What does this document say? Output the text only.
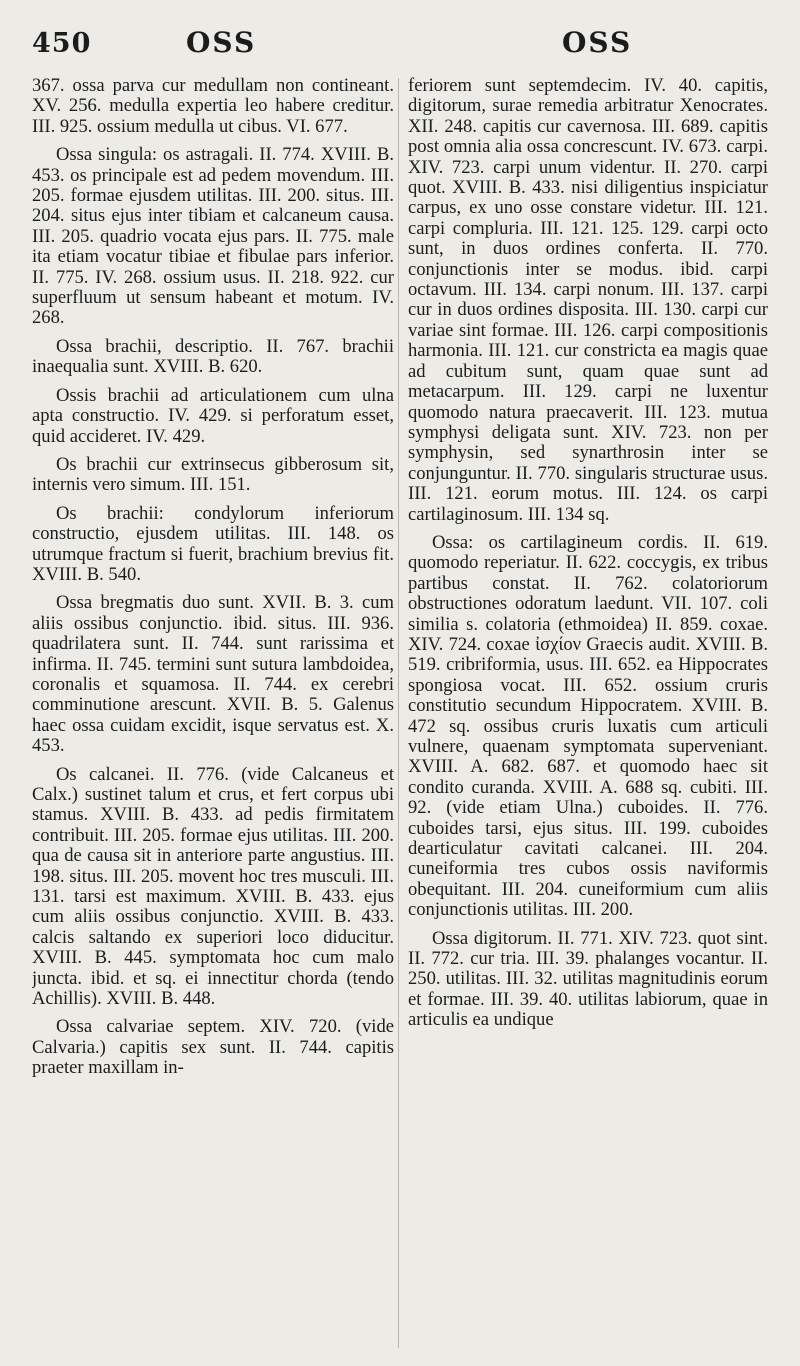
450	OSS	OSS

367. ossa parva cur medullam non contineant. XV. 256. medulla expertia leo habere creditur. III. 925. ossium medulla ut cibus. VI. 677.

Ossa singula: os astragali. II. 774. XVIII. B. 453. os principale est ad pedem movendum. III. 205. formae ejusdem utilitas. III. 200. situs. III. 204. situs ejus inter tibiam et calcaneum causa. III. 205. quadrio vocata ejus pars. II. 775. male ita etiam vocatur tibiae et fibulae pars inferior. II. 775. IV. 268. ossium usus. II. 218. 922. cur superfluum ut sensum habeant et motum. IV. 268.

Ossa brachii, descriptio. II. 767. brachii inaequalia sunt. XVIII. B. 620.

Ossis brachii ad articulationem cum ulna apta constructio. IV. 429. si perforatum esset, quid accideret. IV. 429.

Os brachii cur extrinsecus gibberosum sit, internis vero simum. III. 151.

Os brachii: condylorum inferiorum constructio, ejusdem utilitas. III. 148. os utrumque fractum si fuerit, brachium brevius fit. XVIII. B. 540.

Ossa bregmatis duo sunt. XVII. B. 3. cum aliis ossibus conjunctio. ibid. situs. III. 936. quadrilatera sunt. II. 744. sunt rarissima et infirma. II. 745. termini sunt sutura lambdoidea, coronalis et squamosa. II. 744. ex cerebri comminutione arescunt. XVII. B. 5. Galenus haec ossa cuidam excidit, isque servatus est. X. 453.

Os calcanei. II. 776. (vide Calcaneus et Calx.) sustinet talum et crus, et fert corpus ubi stamus. XVIII. B. 433. ad pedis firmitatem contribuit. III. 205. formae ejus utilitas. III. 200. qua de causa sit in anteriore parte angustius. III. 198. situs. III. 205. movent hoc tres musculi. III. 131. tarsi est maximum. XVIII. B. 433. ejus cum aliis ossibus conjunctio. XVIII. B. 433. calcis saltando ex superiori loco diducitur. XVIII. B. 445. symptomata hoc cum malo juncta. ibid. et sq. ei innectitur chorda (tendo Achillis). XVIII. B. 448.

Ossa calvariae septem. XIV. 720. (vide Calvaria.) capitis sex sunt. II. 744. capitis praeter maxillam in-

feriorem sunt septemdecim. IV. 40. capitis, digitorum, surae remedia arbitratur Xenocrates. XII. 248. capitis cur cavernosa. III. 689. capitis post omnia alia ossa concrescunt. IV. 673. carpi. XIV. 723. carpi unum videntur. II. 270. carpi quot. XVIII. B. 433. nisi diligentius inspiciatur carpus, ex uno osse constare videtur. III. 121. carpi compluria. III. 121. 125. 129. carpi octo sunt, in duos ordines conferta. II. 770. conjunctionis inter se modus. ibid. carpi octavum. III. 134. carpi nonum. III. 137. carpi cur in duos ordines disposita. III. 130. carpi cur variae sint formae. III. 126. carpi compositionis harmonia. III. 121. cur constricta ea magis quae ad cubitum sunt, quam quae sunt ad metacarpum. III. 129. carpi ne luxentur quomodo natura praecaverit. III. 123. mutua symphysi deligata sunt. XIV. 723. non per symphysin, sed synarthrosin inter se conjunguntur. II. 770. singularis structurae usus. III. 121. eorum motus. III. 124. os carpi cartilaginosum. III. 134 sq.

Ossa: os cartilagineum cordis. II. 619. quomodo reperiatur. II. 622. coccygis, ex tribus partibus constat. II. 762. colatoriorum obstructiones odoratum laedunt. VII. 107. coli similia s. colatoria (ethmoidea) II. 859. coxae. XIV. 724. coxae ἰσχίον Graecis audit. XVIII. B. 519. cribriformia, usus. III. 652. ea Hippocrates spongiosa vocat. III. 652. ossium cruris constitutio secundum Hippocratem. XVIII. B. 472 sq. ossibus cruris luxatis cum articuli vulnere, quaenam symptomata superveniant. XVIII. A. 682. 687. et quomodo haec sit condito curanda. XVIII. A. 688 sq. cubiti. III. 92. (vide etiam Ulna.) cuboides. II. 776. cuboides tarsi, ejus situs. III. 199. cuboides dearticulatur cavitati calcanei. III. 204. cuneiformia tres cubos ossis naviformis obequitant. III. 204. cuneiformium cum aliis conjunctionis utilitas. III. 200.

Ossa digitorum. II. 771. XIV. 723. quot sint. II. 772. cur tria. III. 39. phalanges vocantur. II. 250. utilitas. III. 32. utilitas magnitudinis eorum et formae. III. 39. 40. utilitas labiorum, quae in articulis ea undique
